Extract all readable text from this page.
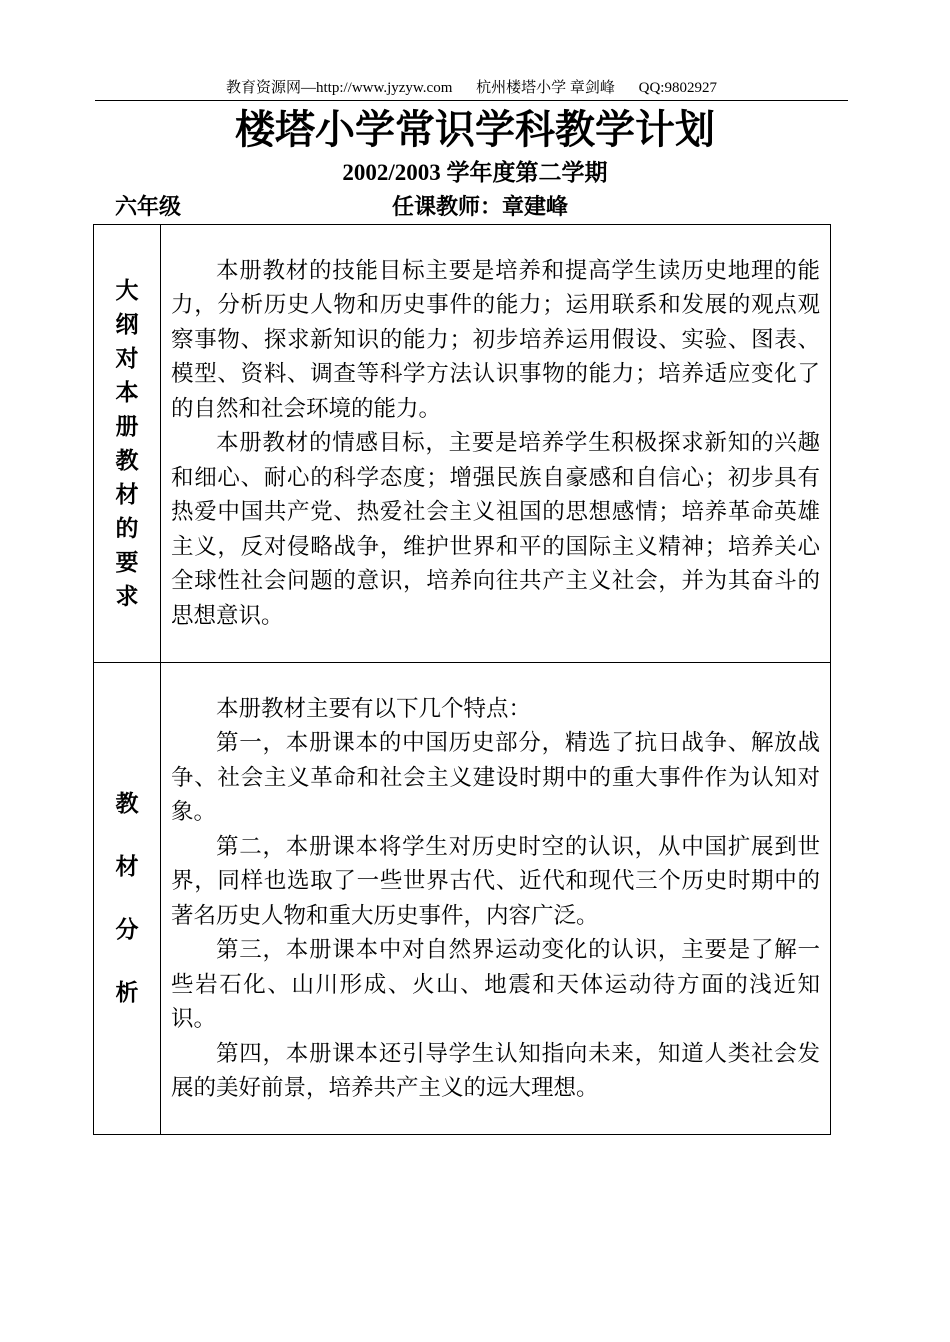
教育资源网—http://www.jyzyw.com 杭州楼塔小学 章剑峰 QQ:9802927
楼塔小学常识学科教学计划
2002/2003 学年度第二学期
六年级	任课教师：章建峰
大纲对本册教材的要求	本册教材的技能目标主要是培养和提高学生读历史地理的能力，分析历史人物和历史事件的能力；运用联系和发展的观点观察事物、探求新知识的能力；初步培养运用假设、实验、图表、模型、资料、调查等科学方法认识事物的能力；培养适应变化了的自然和社会环境的能力。

本册教材的情感目标，主要是培养学生积极探求新知的兴趣和细心、耐心的科学态度；增强民族自豪感和自信心；初步具有热爱中国共产党、热爱社会主义祖国的思想感情；培养革命英雄主义，反对侵略战争，维护世界和平的国际主义精神；培养关心全球性社会问题的意识，培养向往共产主义社会，并为其奋斗的思想意识。

教材分析	本册教材主要有以下几个特点：

第一，本册课本的中国历史部分，精选了抗日战争、解放战争、社会主义革命和社会主义建设时期中的重大事件作为认知对象。

第二，本册课本将学生对历史时空的认识，从中国扩展到世界，同样也选取了一些世界古代、近代和现代三个历史时期中的著名历史人物和重大历史事件，内容广泛。

第三，本册课本中对自然界运动变化的认识，主要是了解一些岩石化、山川形成、火山、地震和天体运动待方面的浅近知识。

第四，本册课本还引导学生认知指向未来，知道人类社会发展的美好前景，培养共产主义的远大理想。
